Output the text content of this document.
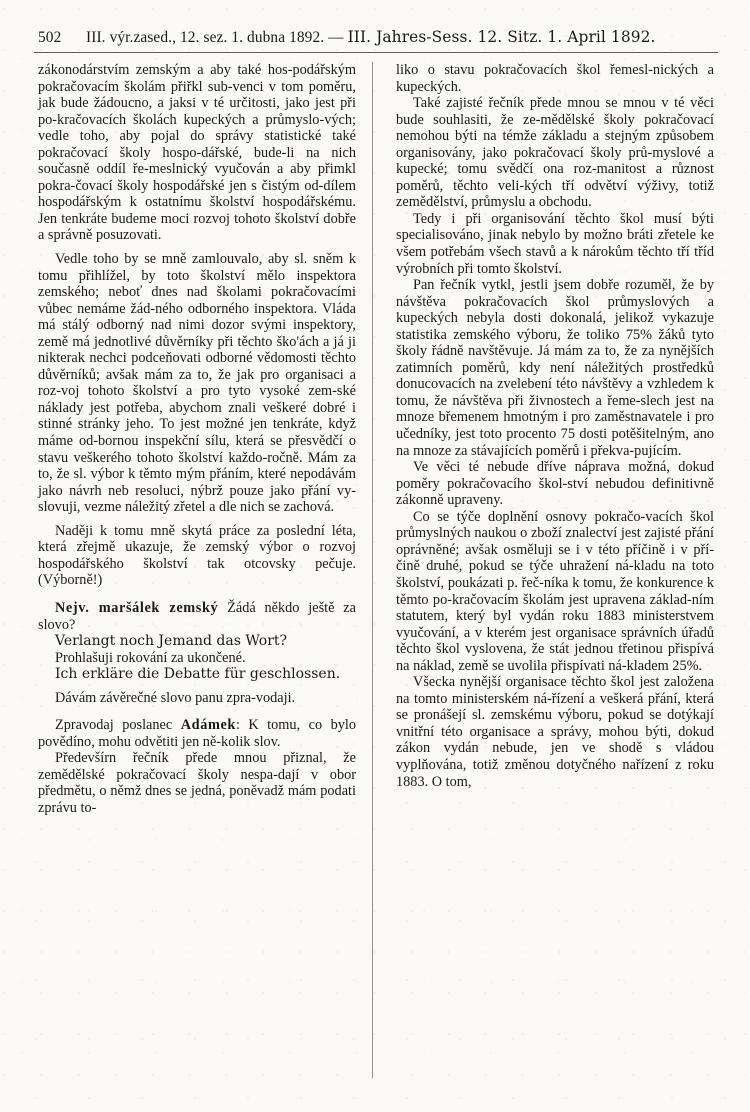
502 III. výr.zased., 12. sez. 1. dubna 1892. — III. Jahres-Sess. 12. Sitz. 1. April 1892.

zákonodárstvím zemským a aby také hos-podářským pokračovacím školám přiřkl sub-venci v tom poměru, jak bude žádoucno, a jaksi v té určitosti, jako jest při po-kračovacích školách kupeckých a průmyslo-vých; vedle toho, aby pojal do správy statistické také pokračovací školy hospo-dářské, bude-li na nich současně oddíl ře-meslnický vyučován a aby přimkl pokra-čovací školy hospodářské jen s čistým od-dílem hospodářským k ostatnímu školství hospodářskému. Jen tenkráte budeme moci rozvoj tohoto školství dobře a správně posuzovati.

Vedle toho by se mně zamlouvalo, aby sl. sněm k tomu přihlížel, by toto školství mělo inspektora zemského; neboť dnes nad školami pokračovacími vůbec nemáme žád-ného odborného inspektora. Vláda má stálý odborný nad nimi dozor svými inspektory, země má jednotlivé důvěrníky při těchto ško'ách a já ji nikterak nechci podceňovati odborné vědomosti těchto důvěrníků; avšak mám za to, že jak pro organisaci a roz-voj tohoto školství a pro tyto vysoké zem-ské náklady jest potřeba, abychom znali veškeré dobré i stinné stránky jeho. To jest možné jen tenkráte, když máme od-bornou inspekční sílu, která se přesvědčí o stavu veškerého tohoto školství každo-ročně. Mám za to, že sl. výbor k těmto mým přáním, které nepodávám jako návrh neb resoluci, nýbrž pouze jako přání vy-slovuji, vezme náležitý zřetel a dle nich se zachová.

Naději k tomu mně skytá práce za poslední léta, která zřejmě ukazuje, že zemský výbor o rozvoj hospodářského školství tak otcovsky pečuje. (Výborně!)

Nejv. maršálek zemský Žádá někdo ještě za slovo?

Verlangt noch Jemand das Wort?

Prohlašuji rokování za ukončené.

Ich erkläre die Debatte für geschlossen.

Dávám závěrečné slovo panu zpra-vodaji.

Zpravodaj poslanec Adámek: K tomu, co bylo povědíno, mohu odvětiti jen ně-kolik slov.

Předevšírn řečník přede mnou přiznal, že zemědělské pokračovací školy nespa-dají v obor předmětu, o němž dnes se jedná, poněvadž mám podati zprávu to-

liko o stavu pokračovacích škol řemesl-nických a kupeckých.

Také zajisté řečník přede mnou se mnou v té věci bude souhlasiti, že ze-mědělské školy pokračovací nemohou býti na témže základu a stejným způsobem organisovány, jako pokračovací školy prů-myslové a kupecké; tomu svědčí ona roz-manitost a různost poměrů, těchto veli-kých tří odvětví výživy, totiž zemědělství, průmyslu a obchodu.

Tedy i při organisování těchto škol musí býti specialisováno, jinak nebylo by možno bráti zřetele ke všem potřebám všech stavů a k nárokům těchto tří tříd výrobních při tomto školství.

Pan řečník vytkl, jestli jsem dobře rozuměl, že by návštěva pokračovacích škol průmyslových a kupeckých nebyla dosti dokonalá, jelikož vykazuje statistika zemského výboru, že toliko 75% žáků tyto školy řádně navštěvuje. Já mám za to, že za nynějších zatimních poměrů, kdy není náležitých prostředků donucovacích na zvelebení této návštěvy a vzhledem k tomu, že návštěva při živnostech a řeme-slech jest na mnoze břemenem hmotným i pro zaměstnavatele i pro učedníky, jest toto procento 75 dosti potěšitelným, ano na mnoze za stávajících poměrů i překva-pujícím.

Ve věci té nebude dříve náprava možná, dokud poměry pokračovacího škol-ství nebudou definitivně zákonně upraveny.

Co se týče doplnění osnovy pokračo-vacích škol průmyslných naukou o zboží znalectví jest zajisté přání oprávněné; avšak osměluji se i v této příčině i v pří-čině druhé, pokud se týče uhražení ná-kladu na toto školství, poukázati p. řeč-níka k tomu, že konkurence k těmto po-kračovacím školám jest upravena základ-ním statutem, který byl vydán roku 1883 ministerstvem vyučování, a v kterém jest organisace správních úřadů těchto škol vyslovena, že stát jednou třetinou přispívá na náklad, země se uvolila přispívati ná-kladem 25%.

Všecka nynější organisace těchto škol jest založena na tomto ministerském ná-řízení a veškerá přání, která se pronášejí sl. zemskému výboru, pokud se dotýkají vnitřní této organisace a správy, mohou býti, dokud zákon vydán nebude, jen ve shodě s vládou vyplňována, totiž změnou dotyčného nařízení z roku 1883. O tom,
